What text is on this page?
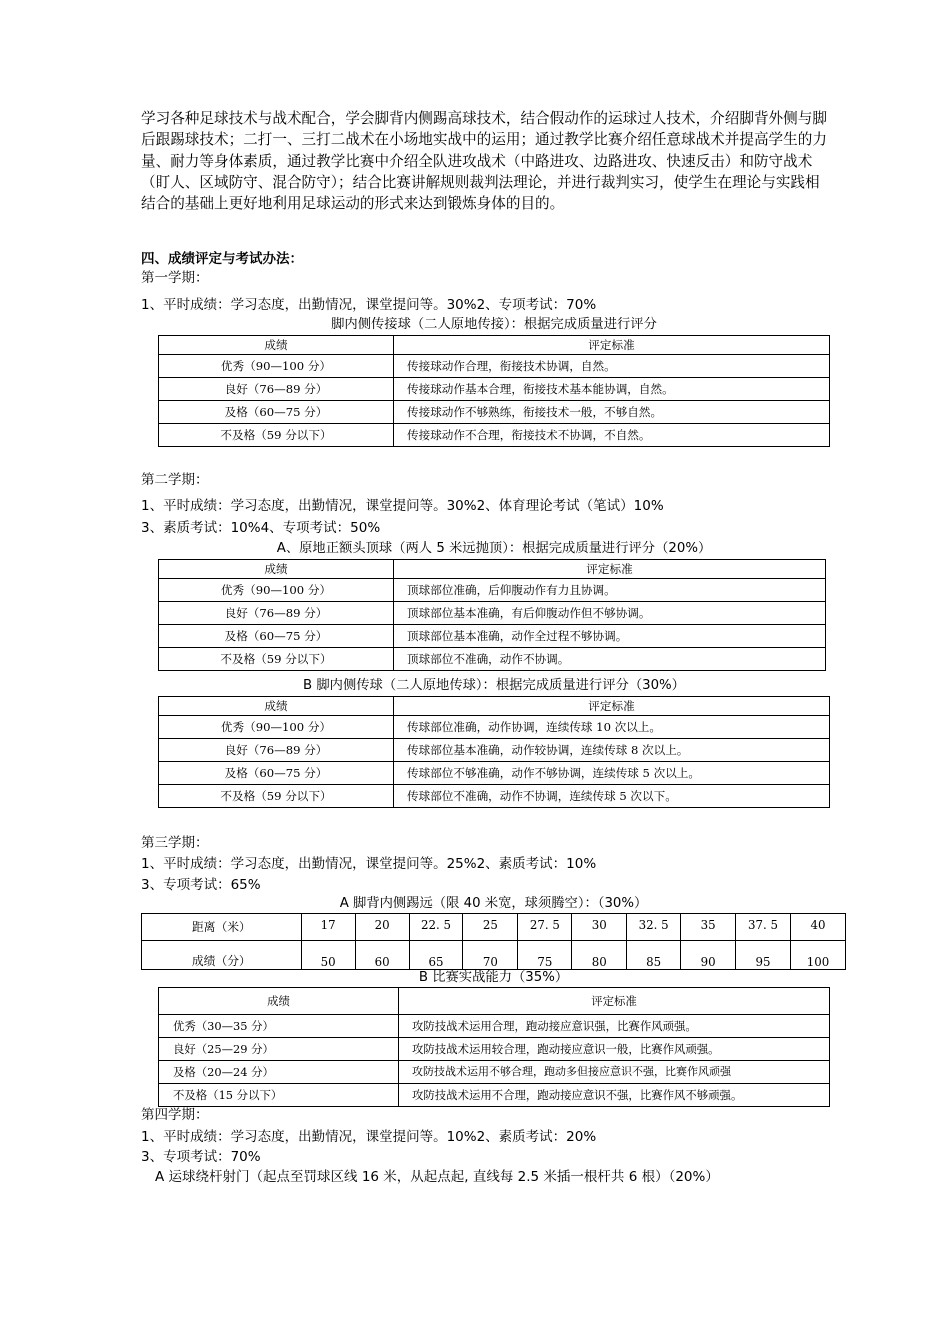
学习各种足球技术与战术配合，学会脚背内侧踢高球技术，结合假动作的运球过人技术，介绍脚背外侧与脚后跟踢球技术；二打一、三打二战术在小场地实战中的运用；通过教学比赛介绍任意球战术并提高学生的力量、耐力等身体素质，通过教学比赛中介绍全队进攻战术（中路进攻、边路进攻、快速反击）和防守战术（盯人、区域防守、混合防守）；结合比赛讲解规则裁判法理论，并进行裁判实习，使学生在理论与实践相结合的基础上更好地利用足球运动的形式来达到锻炼身体的目的。

四、成绩评定与考试办法：
第一学期：
1、平时成绩：学习态度，出勤情况，课堂提问等。30%2、专项考试：70%
脚内侧传接球（二人原地传接）：根据完成质量进行评分
成绩	评定标准
优秀（90—100 分）	传接球动作合理，衔接技术协调，自然。
良好（76—89 分）	传接球动作基本合理，衔接技术基本能协调，自然。
及格（60—75 分）	传接球动作不够熟练，衔接技术一般，不够自然。
不及格（59 分以下）	传接球动作不合理，衔接技术不协调，不自然。
第二学期：
1、平时成绩：学习态度，出勤情况，课堂提问等。30%2、体育理论考试（笔试）10%
3、素质考试：10%4、专项考试：50%
A、原地正额头顶球（两人 5 米远抛顶）：根据完成质量进行评分（20%）
成绩	评定标准
优秀（90—100 分）	顶球部位准确，后仰腹动作有力且协调。
良好（76—89 分）	顶球部位基本准确，有后仰腹动作但不够协调。
及格（60—75 分）	顶球部位基本准确，动作全过程不够协调。
不及格（59 分以下）	顶球部位不准确，动作不协调。
B 脚内侧传球（二人原地传球）：根据完成质量进行评分（30%）
成绩	评定标准
优秀（90—100 分）	传球部位准确，动作协调，连续传球 10 次以上。
良好（76—89 分）	传球部位基本准确，动作较协调，连续传球 8 次以上。
及格（60—75 分）	传球部位不够准确，动作不够协调，连续传球 5 次以上。
不及格（59 分以下）	传球部位不准确，动作不协调，连续传球 5 次以下。
第三学期：
1、平时成绩：学习态度，出勤情况，课堂提问等。25%2、素质考试：10%
3、专项考试：65%
A 脚背内侧踢远（限 40 米宽，球须腾空）：（30%）
距离（米）	17	20	22. 5	25	27. 5	30	32. 5	35	37. 5	40
成绩（分）	50	60	65	70	75	80	85	90	95	100
B 比赛实战能力（35%）
成绩	评定标准
优秀（30—35 分）	攻防技战术运用合理，跑动接应意识强，比赛作风顽强。
良好（25—29 分）	攻防技战术运用较合理，跑动接应意识一般，比赛作风顽强。
及格（20—24 分）	攻防技战术运用不够合理，跑动多但接应意识不强，比赛作风顽强
不及格（15 分以下）	攻防技战术运用不合理，跑动接应意识不强，比赛作风不够顽强。
第四学期：
1、平时成绩：学习态度，出勤情况，课堂提问等。10%2、素质考试：20%
3、专项考试：70%
A 运球绕杆射门（起点至罚球区线 16 米，从起点起, 直线每 2.5 米插一根杆共 6 根）（20%）
